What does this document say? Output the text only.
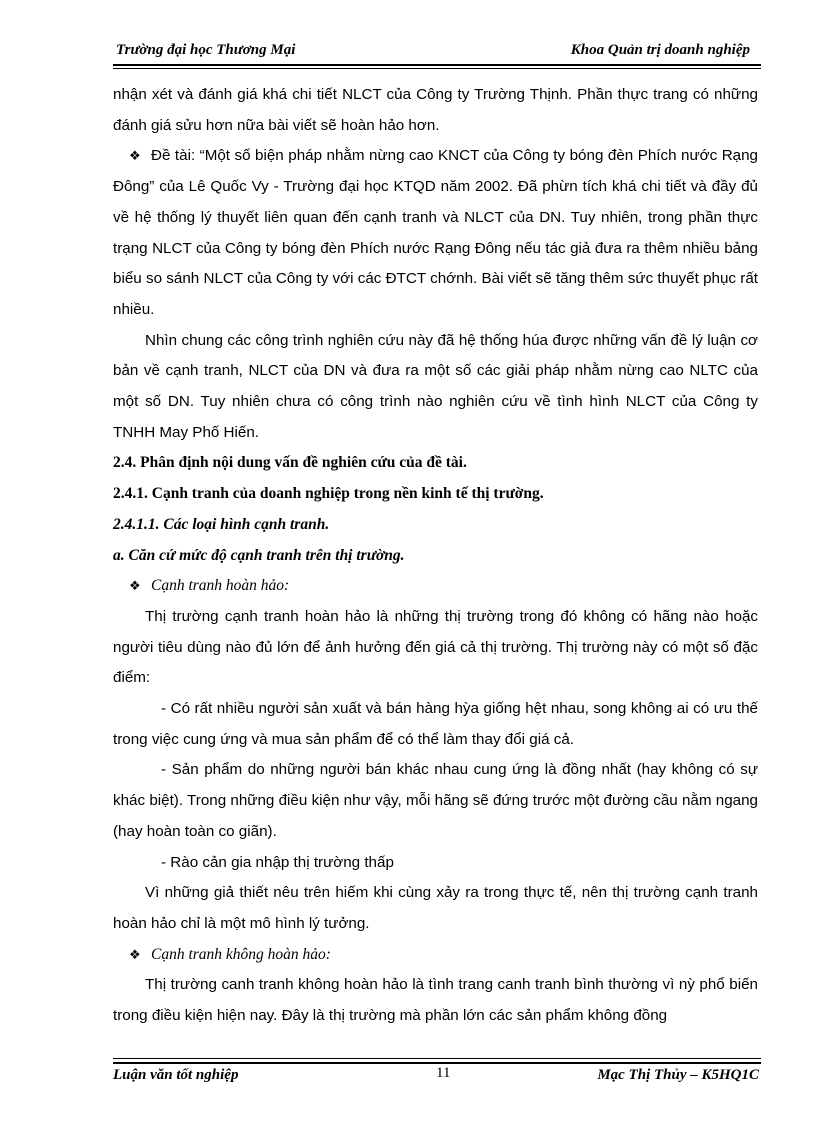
Trường đại học Thương Mại	Khoa Quản trị doanh nghiệp

nhận xét và đánh giá khá chi tiết NLCT của Công ty Trường Thịnh. Phần thực trang có những đánh giá sửu hơn nữa bài viết sẽ hoàn hảo hơn.

❖ Đề tài: “Một số biện pháp nhằm nừng cao KNCT của Công ty bóng đèn Phích nước Rạng Đông” của Lê Quốc Vy - Trường đại học KTQD năm 2002. Đã phừn tích khá chi tiết và đầy đủ về hệ thống lý thuyết liên quan đến cạnh tranh và NLCT của DN. Tuy nhiên, trong phần thực trạng NLCT của Công ty bóng đèn Phích nước Rạng Đông nếu tác giả đưa ra thêm nhiều bảng biểu so sánh NLCT của Công ty với các ĐTCT chớnh. Bài viết sẽ tăng thêm sức thuyết phục rất nhiều.

Nhìn chung các công trình nghiên cứu này đã hệ thống húa được những vấn đề lý luận cơ bản về cạnh tranh, NLCT của DN và đưa ra một số các giải pháp nhằm nừng cao NLTC của một số DN. Tuy nhiên chưa có công trình nào nghiên cứu về tình hình NLCT của Công ty TNHH May Phố Hiến.

2.4. Phân định nội dung vấn đề nghiên cứu của đề tài.

2.4.1. Cạnh tranh của doanh nghiệp trong nền kinh tế thị trường.

2.4.1.1. Các loại hình cạnh tranh.

a. Căn cứ mức độ cạnh tranh trên thị trường.

❖ Cạnh tranh hoàn hảo:

Thị trường cạnh tranh hoàn hảo là những thị trường trong đó không có hãng nào hoặc người tiêu dùng nào đủ lớn để ảnh hưởng đến giá cả thị trường. Thị trường này có một số đặc điểm:

- Có rất nhiều người sản xuất và bán hàng hỳa giống hệt nhau, song không ai có ưu thế trong việc cung ứng và mua sản phẩm để có thể làm thay đổi giá cả.

- Sản phẩm do những người bán khác nhau cung ứng là đồng nhất (hay không có sự khác biệt). Trong những điều kiện như vậy, mỗi hãng sẽ đứng trước một đường cầu nằm ngang (hay hoàn toàn co giãn).

- Rào cản gia nhập thị trường thấp

Vì những giả thiết nêu trên hiếm khi cùng xảy ra trong thực tế, nên thị trường cạnh tranh hoàn hảo chỉ là một mô hình lý tưởng.

❖ Cạnh tranh không hoàn hảo:

Thị trường canh tranh không hoàn hảo là tình trang canh tranh bình thường vì nỳ phổ biến trong điều kiện hiện nay. Đây là thị trường mà phần lớn các sản phẩm không đồng

Luận văn tốt nghiệp	11	Mạc Thị Thủy – K5HQ1C
